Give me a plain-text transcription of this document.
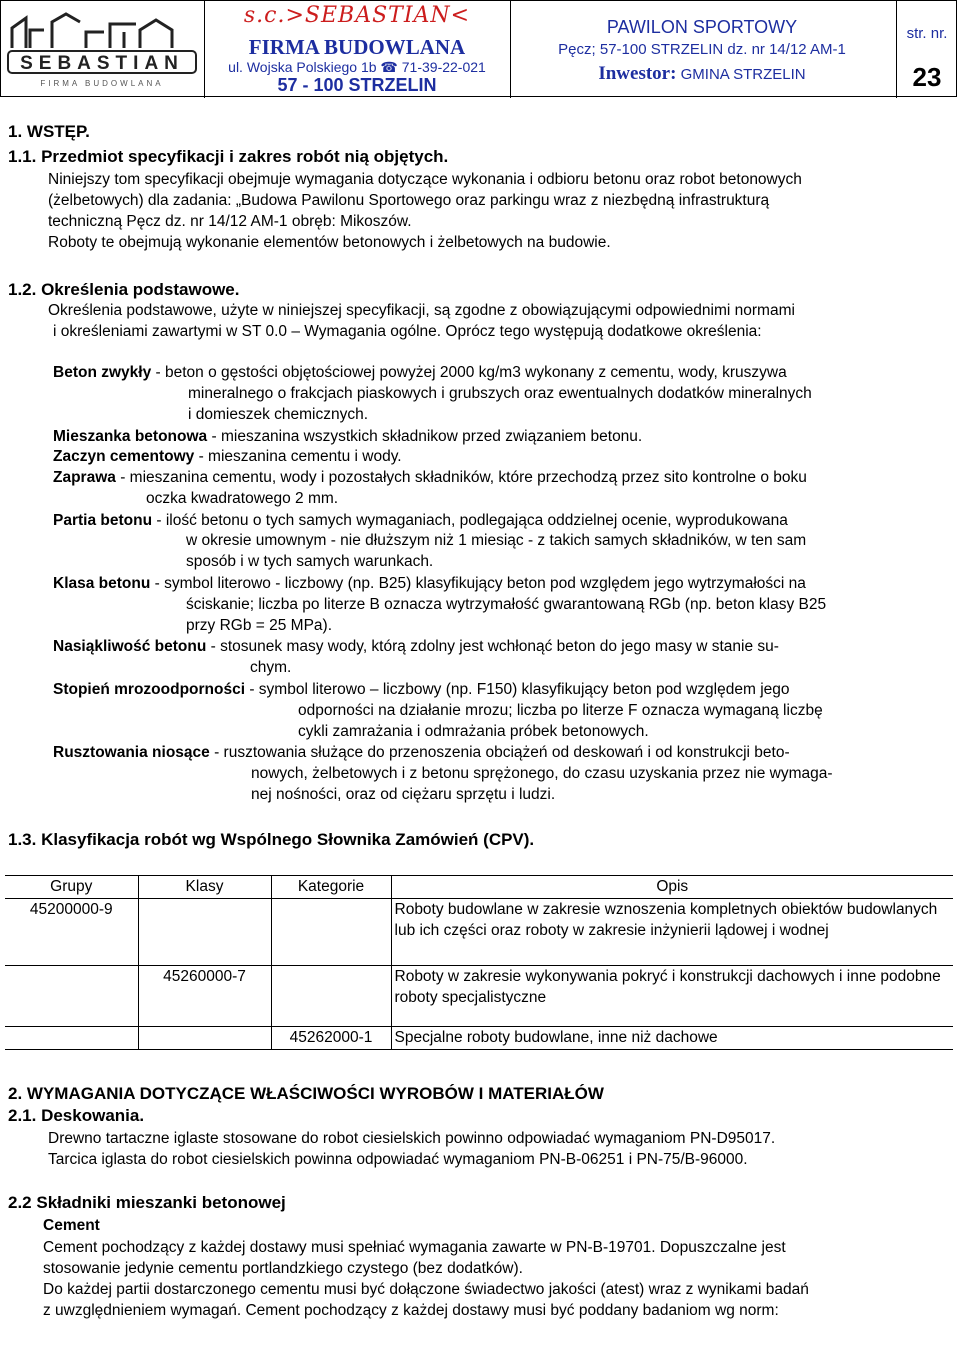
SEBASTIAN
FIRMA BUDOWLANA
s.c.>SEBASTIAN<
FIRMA BUDOWLANA
ul. Wojska Polskiego 1b ☎ 71-39-22-021
57 - 100 STRZELIN
PAWILON SPORTOWY
Pęcz; 57-100 STRZELIN dz. nr 14/12 AM-1
Inwestor: GMINA STRZELIN
str. nr.
23
1. WSTĘP.
1.1. Przedmiot specyfikacji i zakres robót nią objętych.
Niniejszy tom specyfikacji obejmuje wymagania dotyczące wykonania i odbioru betonu oraz robot betonowych
(żelbetowych) dla zadania: „Budowa Pawilonu Sportowego oraz parkingu wraz z niezbędną infrastrukturą
techniczną Pęcz dz. nr 14/12 AM-1 obręb: Mikoszów.
Roboty te obejmują wykonanie elementów betonowych i żelbetowych na budowie.
1.2. Określenia podstawowe.
Określenia podstawowe, użyte w niniejszej specyfikacji, są zgodne z obowiązującymi odpowiednimi normami
i określeniami zawartymi w ST 0.0 – Wymagania ogólne. Oprócz tego występują dodatkowe określenia:
Beton zwykły - beton o gęstości objętościowej powyżej 2000 kg/m3 wykonany z cementu, wody, kruszywa
mineralnego o frakcjach piaskowych i grubszych oraz ewentualnych dodatków mineralnych
i domieszek chemicznych.
Mieszanka betonowa - mieszanina wszystkich składnikow przed związaniem betonu.
Zaczyn cementowy - mieszanina cementu i wody.
Zaprawa - mieszanina cementu, wody i pozostałych składników, które przechodzą przez sito kontrolne o boku
oczka kwadratowego 2 mm.
Partia betonu - ilość betonu o tych samych wymaganiach, podlegająca oddzielnej ocenie, wyprodukowana
w okresie umownym - nie dłuższym niż 1 miesiąc - z takich samych składników, w ten sam
sposób i w tych samych warunkach.
Klasa betonu - symbol literowo - liczbowy (np. B25) klasyfikujący beton pod względem jego wytrzymałości na
ściskanie; liczba po literze B oznacza wytrzymałość gwarantowaną RGb (np. beton klasy B25
przy RGb = 25 MPa).
Nasiąkliwość betonu - stosunek masy wody, którą zdolny jest wchłonąć beton do jego masy w stanie su-
chym.
Stopień mrozoodporności - symbol literowo – liczbowy (np. F150) klasyfikujący beton pod względem jego
odporności na działanie mrozu; liczba po literze F oznacza wymaganą liczbę
cykli zamrażania i odmrażania próbek betonowych.
Rusztowania niosące - rusztowania służące do przenoszenia obciążeń od deskowań i od konstrukcji beto-
nowych, żelbetowych i z betonu sprężonego, do czasu uzyskania przez nie wymaga-
nej nośności, oraz od ciężaru sprzętu i ludzi.
1.3. Klasyfikacja robót wg Wspólnego Słownika Zamówień (CPV).
Grupy	Klasy	Kategorie	Opis
45200000-9			Roboty budowlane w zakresie wznoszenia kompletnych obiektów budowlanych lub ich części oraz roboty w zakresie inżynierii lądowej i wodnej
	45260000-7		Roboty w zakresie wykonywania pokryć i konstrukcji dachowych i inne podobne roboty specjalistyczne
		45262000-1	Specjalne roboty budowlane, inne niż dachowe
2. WYMAGANIA DOTYCZĄCE WŁAŚCIWOŚCI WYROBÓW I MATERIAŁÓW
2.1. Deskowania.
Drewno tartaczne iglaste stosowane do robot ciesielskich powinno odpowiadać wymaganiom PN-D95017.
Tarcica iglasta do robot ciesielskich powinna odpowiadać wymaganiom PN-B-06251 i PN-75/B-96000.
2.2 Składniki mieszanki betonowej
Cement
Cement pochodzący z każdej dostawy musi spełniać wymagania zawarte w PN-B-19701. Dopuszczalne jest
stosowanie jedynie cementu portlandzkiego czystego (bez dodatków).
Do każdej partii dostarczonego cementu musi być dołączone świadectwo jakości (atest) wraz z wynikami badań
z uwzględnieniem wymagań. Cement pochodzący z każdej dostawy musi być poddany badaniom wg norm:
